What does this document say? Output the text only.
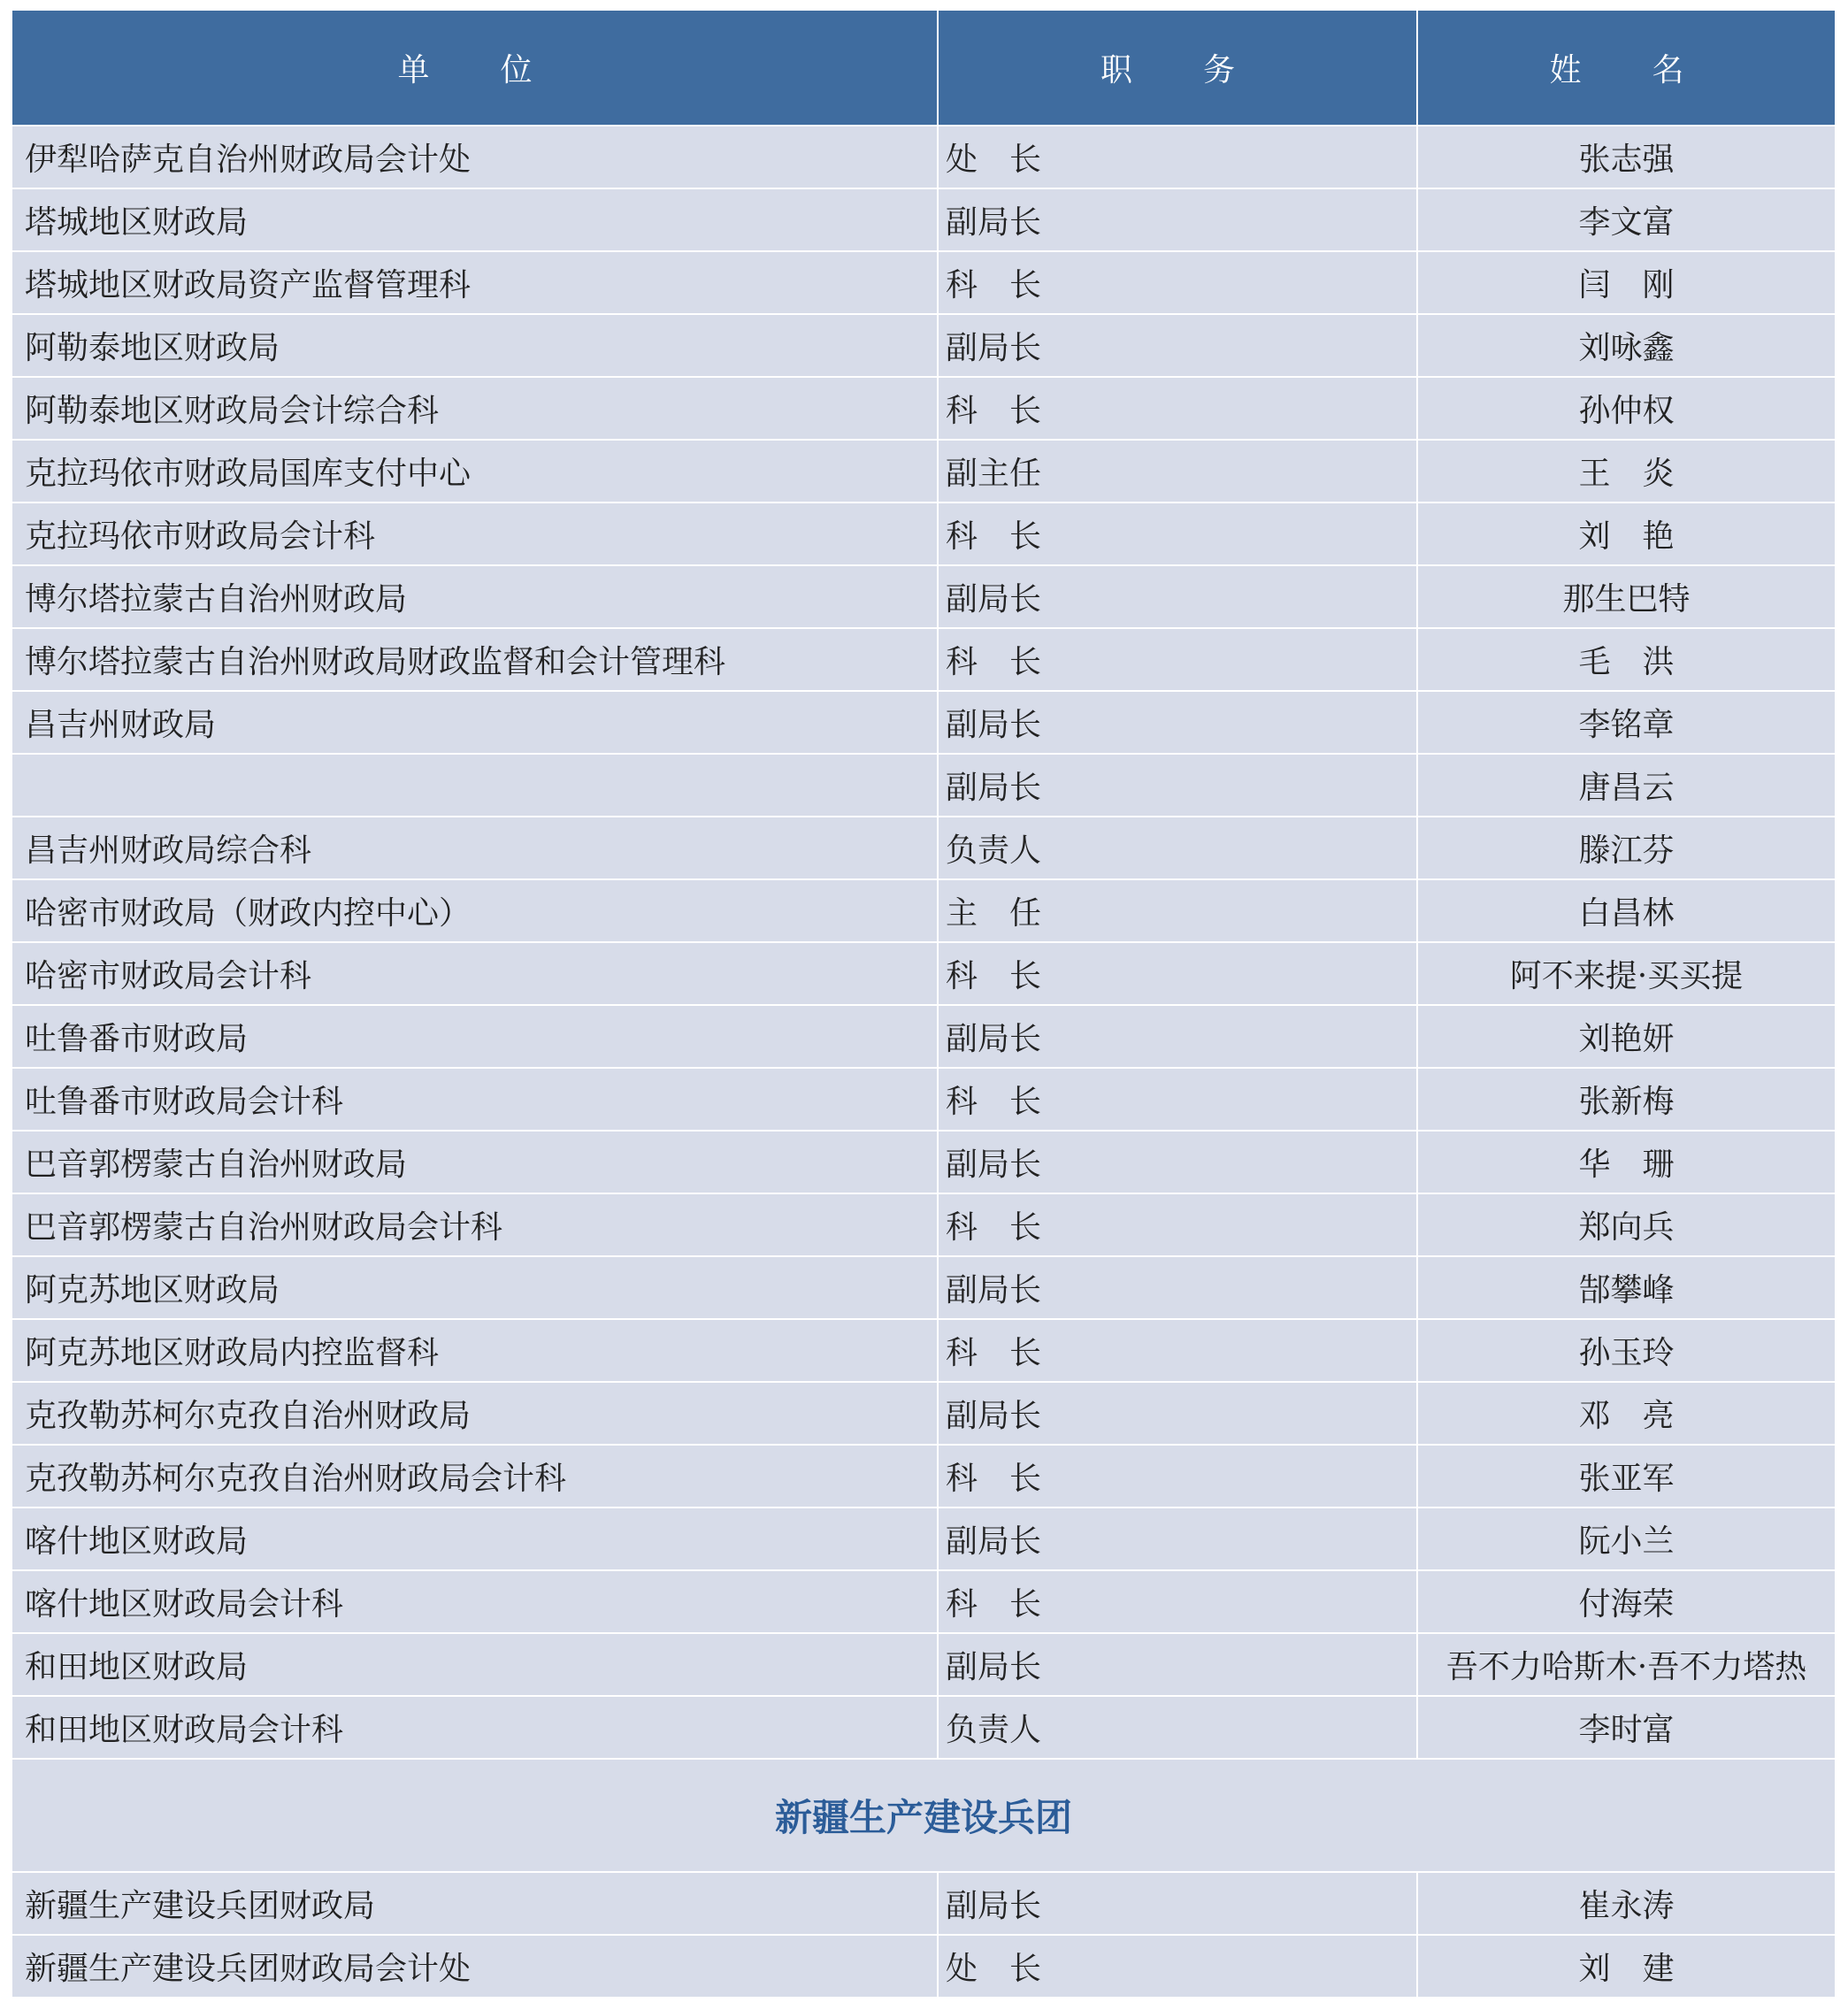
单　位	职　务	姓　名
伊犁哈萨克自治州财政局会计处	处　长	张志强
塔城地区财政局	副局长	李文富
塔城地区财政局资产监督管理科	科　长	闫　刚
阿勒泰地区财政局	副局长	刘咏鑫
阿勒泰地区财政局会计综合科	科　长	孙仲权
克拉玛依市财政局国库支付中心	副主任	王　炎
克拉玛依市财政局会计科	科　长	刘　艳
博尔塔拉蒙古自治州财政局	副局长	那生巴特
博尔塔拉蒙古自治州财政局财政监督和会计管理科	科　长	毛　洪
昌吉州财政局	副局长	李铭章
	副局长	唐昌云
昌吉州财政局综合科	负责人	滕江芬
哈密市财政局（财政内控中心）	主　任	白昌林
哈密市财政局会计科	科　长	阿不来提·买买提
吐鲁番市财政局	副局长	刘艳妍
吐鲁番市财政局会计科	科　长	张新梅
巴音郭楞蒙古自治州财政局	副局长	华　珊
巴音郭楞蒙古自治州财政局会计科	科　长	郑向兵
阿克苏地区财政局	副局长	郜攀峰
阿克苏地区财政局内控监督科	科　长	孙玉玲
克孜勒苏柯尔克孜自治州财政局	副局长	邓　亮
克孜勒苏柯尔克孜自治州财政局会计科	科　长	张亚军
喀什地区财政局	副局长	阮小兰
喀什地区财政局会计科	科　长	付海荣
和田地区财政局	副局长	吾不力哈斯木·吾不力塔热
和田地区财政局会计科	负责人	李时富
新疆生产建设兵团		
新疆生产建设兵团财政局	副局长	崔永涛
新疆生产建设兵团财政局会计处	处　长	刘　建
